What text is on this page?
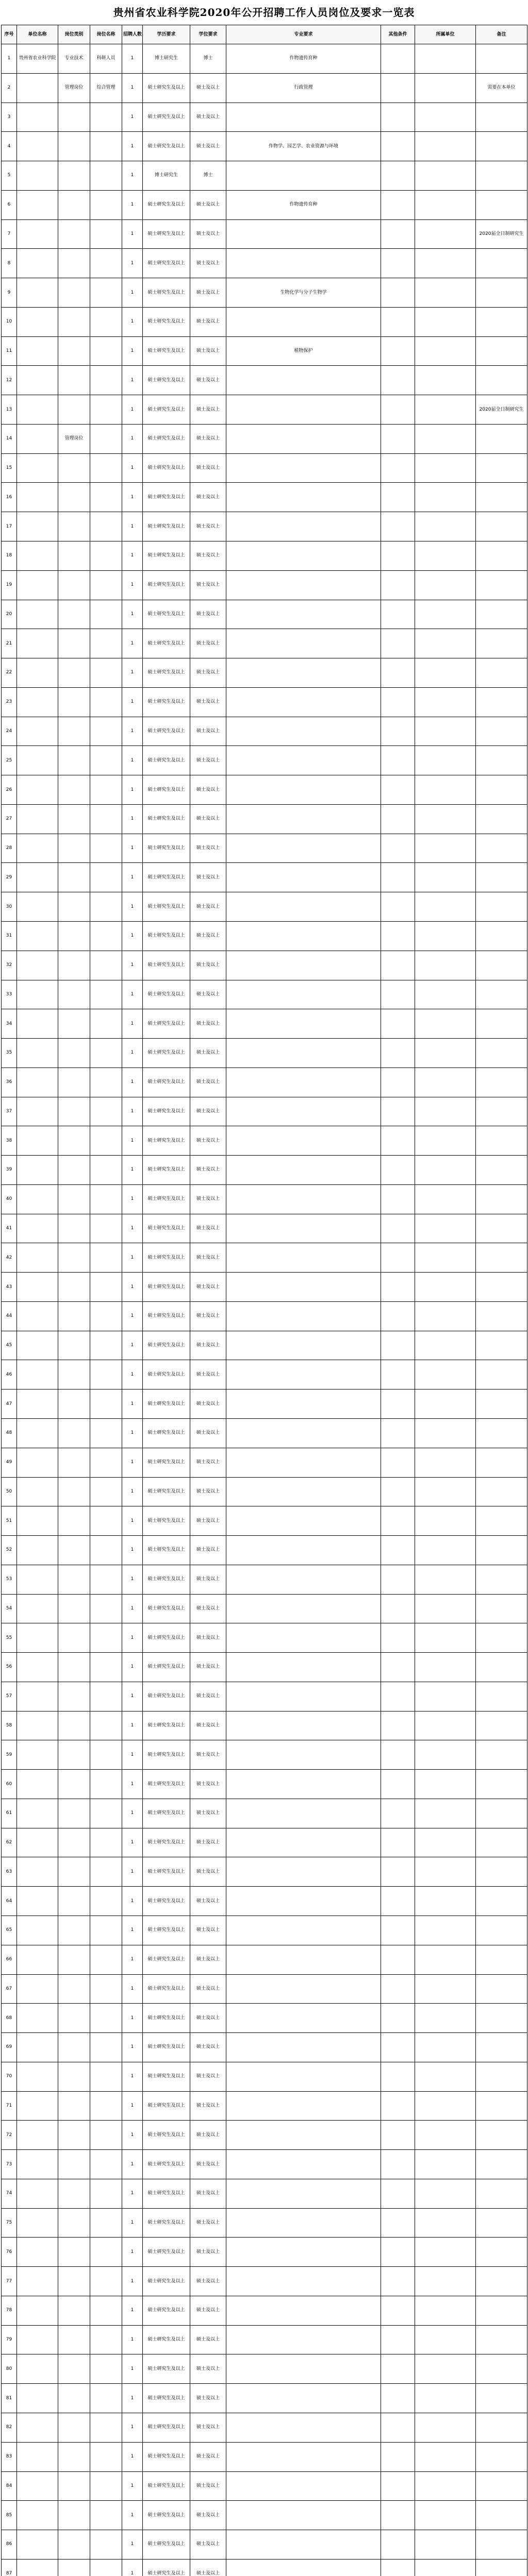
贵州省农业科学院2020年公开招聘工作人员岗位及要求一览表
序号	单位名称	岗位类别	岗位名称	招聘人数	学历要求	学位要求	专业要求	其他条件	所属单位	备注
1	贵州省农业科学院	专业技术	科研人员	1	博士研究生	博士	作物遗传育种			
2		管理岗位	综合管理	1	硕士研究生及以上	硕士及以上	行政管理			需要在本单位
3				1	硕士研究生及以上	硕士及以上				
4				1	硕士研究生及以上	硕士及以上	作物学、园艺学、农业资源与环境			
5				1	博士研究生	博士				
6				1	硕士研究生及以上	硕士及以上	作物遗传育种			
7				1	硕士研究生及以上	硕士及以上				2020届全日制研究生
8				1	硕士研究生及以上	硕士及以上				
9				1	硕士研究生及以上	硕士及以上	生物化学与分子生物学			
10				1	硕士研究生及以上	硕士及以上				
11				1	硕士研究生及以上	硕士及以上	植物保护			
12				1	硕士研究生及以上	硕士及以上				
13				1	硕士研究生及以上	硕士及以上				2020届全日制研究生
14		管理岗位		1	硕士研究生及以上	硕士及以上				
15				1	硕士研究生及以上	硕士及以上				
16				1	硕士研究生及以上	硕士及以上				
17				1	硕士研究生及以上	硕士及以上				
18				1	硕士研究生及以上	硕士及以上				
19				1	硕士研究生及以上	硕士及以上				
20				1	硕士研究生及以上	硕士及以上				
21				1	硕士研究生及以上	硕士及以上				
22				1	硕士研究生及以上	硕士及以上				
23				1	硕士研究生及以上	硕士及以上				
24				1	硕士研究生及以上	硕士及以上				
25				1	硕士研究生及以上	硕士及以上				
26				1	硕士研究生及以上	硕士及以上				
27				1	硕士研究生及以上	硕士及以上				
28				1	硕士研究生及以上	硕士及以上				
29				1	硕士研究生及以上	硕士及以上				
30				1	硕士研究生及以上	硕士及以上				
31				1	硕士研究生及以上	硕士及以上				
32				1	硕士研究生及以上	硕士及以上				
33				1	硕士研究生及以上	硕士及以上				
34				1	硕士研究生及以上	硕士及以上				
35				1	硕士研究生及以上	硕士及以上				
36				1	硕士研究生及以上	硕士及以上				
37				1	硕士研究生及以上	硕士及以上				
38				1	硕士研究生及以上	硕士及以上				
39				1	硕士研究生及以上	硕士及以上				
40				1	硕士研究生及以上	硕士及以上				
41				1	硕士研究生及以上	硕士及以上				
42				1	硕士研究生及以上	硕士及以上				
43				1	硕士研究生及以上	硕士及以上				
44				1	硕士研究生及以上	硕士及以上				
45				1	硕士研究生及以上	硕士及以上				
46				1	硕士研究生及以上	硕士及以上				
47				1	硕士研究生及以上	硕士及以上				
48				1	硕士研究生及以上	硕士及以上				
49				1	硕士研究生及以上	硕士及以上				
50				1	硕士研究生及以上	硕士及以上				
51				1	硕士研究生及以上	硕士及以上				
52				1	硕士研究生及以上	硕士及以上				
53				1	硕士研究生及以上	硕士及以上				
54				1	硕士研究生及以上	硕士及以上				
55				1	硕士研究生及以上	硕士及以上				
56				1	硕士研究生及以上	硕士及以上				
57				1	硕士研究生及以上	硕士及以上				
58				1	硕士研究生及以上	硕士及以上				
59				1	硕士研究生及以上	硕士及以上				
60				1	硕士研究生及以上	硕士及以上				
61				1	硕士研究生及以上	硕士及以上				
62				1	硕士研究生及以上	硕士及以上				
63				1	硕士研究生及以上	硕士及以上				
64				1	硕士研究生及以上	硕士及以上				
65				1	硕士研究生及以上	硕士及以上				
66				1	硕士研究生及以上	硕士及以上				
67				1	硕士研究生及以上	硕士及以上				
68				1	硕士研究生及以上	硕士及以上				
69				1	硕士研究生及以上	硕士及以上				
70				1	硕士研究生及以上	硕士及以上				
71				1	硕士研究生及以上	硕士及以上				
72				1	硕士研究生及以上	硕士及以上				
73				1	硕士研究生及以上	硕士及以上				
74				1	硕士研究生及以上	硕士及以上				
75				1	硕士研究生及以上	硕士及以上				
76				1	硕士研究生及以上	硕士及以上				
77				1	硕士研究生及以上	硕士及以上				
78				1	硕士研究生及以上	硕士及以上				
79				1	硕士研究生及以上	硕士及以上				
80				1	硕士研究生及以上	硕士及以上				
81				1	硕士研究生及以上	硕士及以上				
82				1	硕士研究生及以上	硕士及以上				
83				1	硕士研究生及以上	硕士及以上				
84				1	硕士研究生及以上	硕士及以上				
85				1	硕士研究生及以上	硕士及以上				
86				1	硕士研究生及以上	硕士及以上				
87				1	硕士研究生及以上	硕士及以上				
